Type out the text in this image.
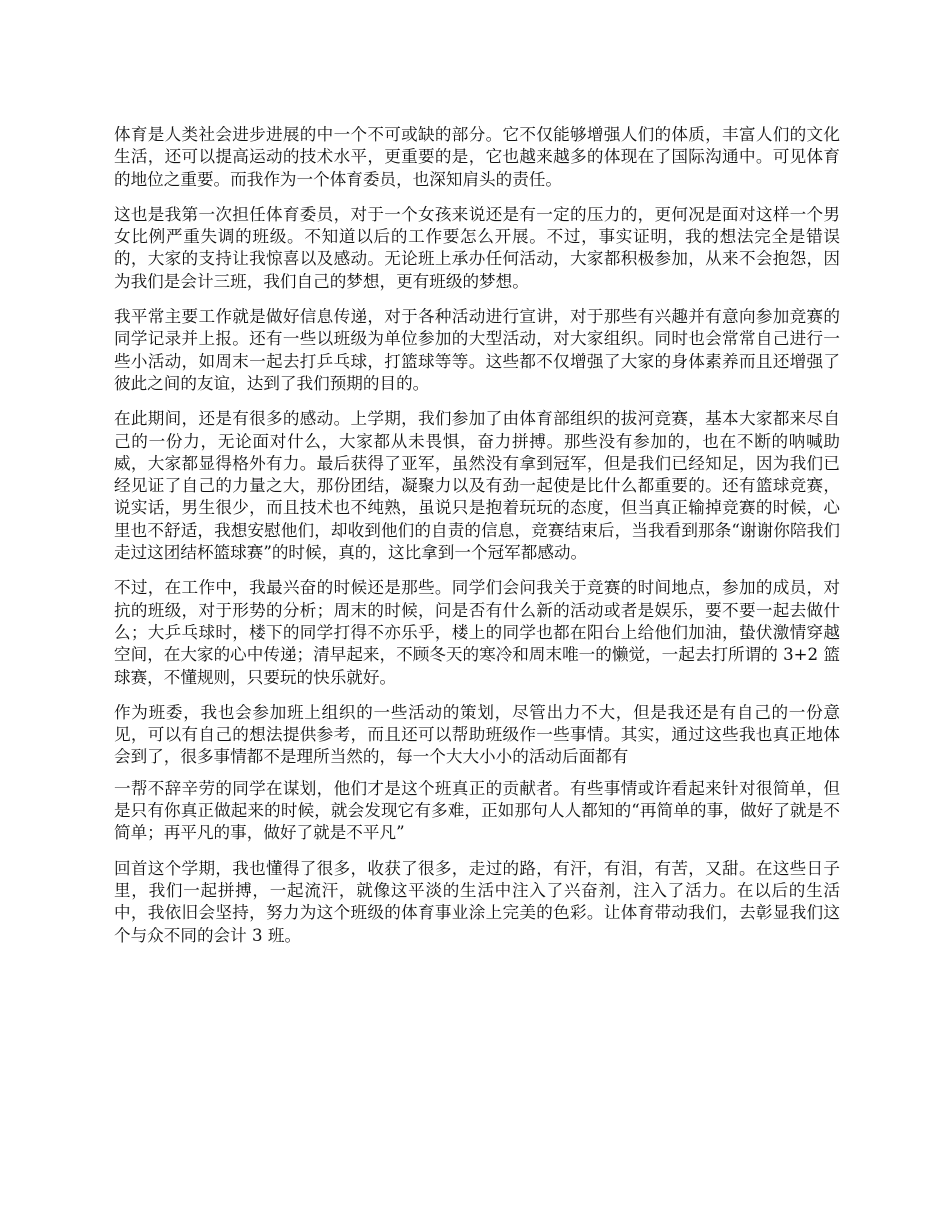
体育是人类社会进步进展的中一个不可或缺的部分。它不仅能够增强人们的体质，丰富人们的文化生活，还可以提高运动的技术水平，更重要的是，它也越来越多的体现在了国际沟通中。可见体育的地位之重要。而我作为一个体育委员，也深知肩头的责任。

这也是我第一次担任体育委员，对于一个女孩来说还是有一定的压力的，更何况是面对这样一个男女比例严重失调的班级。不知道以后的工作要怎么开展。不过，事实证明，我的想法完全是错误的，大家的支持让我惊喜以及感动。无论班上承办任何活动，大家都积极参加，从来不会抱怨，因为我们是会计三班，我们自己的梦想，更有班级的梦想。

我平常主要工作就是做好信息传递，对于各种活动进行宣讲，对于那些有兴趣并有意向参加竞赛的同学记录并上报。还有一些以班级为单位参加的大型活动，对大家组织。同时也会常常自己进行一些小活动，如周末一起去打乒乓球，打篮球等等。这些都不仅增强了大家的身体素养而且还增强了彼此之间的友谊，达到了我们预期的目的。

在此期间，还是有很多的感动。上学期，我们参加了由体育部组织的拔河竞赛，基本大家都来尽自己的一份力，无论面对什么，大家都从未畏惧，奋力拼搏。那些没有参加的，也在不断的呐喊助威，大家都显得格外有力。最后获得了亚军，虽然没有拿到冠军，但是我们已经知足，因为我们已经见证了自己的力量之大，那份团结，凝聚力以及有劲一起使是比什么都重要的。还有篮球竞赛，说实话，男生很少，而且技术也不纯熟，虽说只是抱着玩玩的态度，但当真正输掉竞赛的时候，心里也不舒适，我想安慰他们，却收到他们的自责的信息，竞赛结束后，当我看到那条“谢谢你陪我们走过这团结杯篮球赛”的时候，真的，这比拿到一个冠军都感动。

不过，在工作中，我最兴奋的时候还是那些。同学们会问我关于竞赛的时间地点，参加的成员，对抗的班级，对于形势的分析；周末的时候，问是否有什么新的活动或者是娱乐，要不要一起去做什么；大乒乓球时，楼下的同学打得不亦乐乎，楼上的同学也都在阳台上给他们加油，蛰伏激情穿越空间，在大家的心中传递；清早起来，不顾冬天的寒冷和周末唯一的懒觉，一起去打所谓的 3+2 篮球赛，不懂规则，只要玩的快乐就好。

作为班委，我也会参加班上组织的一些活动的策划，尽管出力不大，但是我还是有自己的一份意见，可以有自己的想法提供参考，而且还可以帮助班级作一些事情。其实，通过这些我也真正地体会到了，很多事情都不是理所当然的，每一个大大小小的活动后面都有

一帮不辞辛劳的同学在谋划，他们才是这个班真正的贡献者。有些事情或许看起来针对很简单，但是只有你真正做起来的时候，就会发现它有多难，正如那句人人都知的“再简单的事，做好了就是不简单；再平凡的事，做好了就是不平凡”

回首这个学期，我也懂得了很多，收获了很多，走过的路，有汗，有泪，有苦，又甜。在这些日子里，我们一起拼搏，一起流汗，就像这平淡的生活中注入了兴奋剂，注入了活力。在以后的生活中，我依旧会坚持，努力为这个班级的体育事业涂上完美的色彩。让体育带动我们，去彰显我们这个与众不同的会计 3 班。
